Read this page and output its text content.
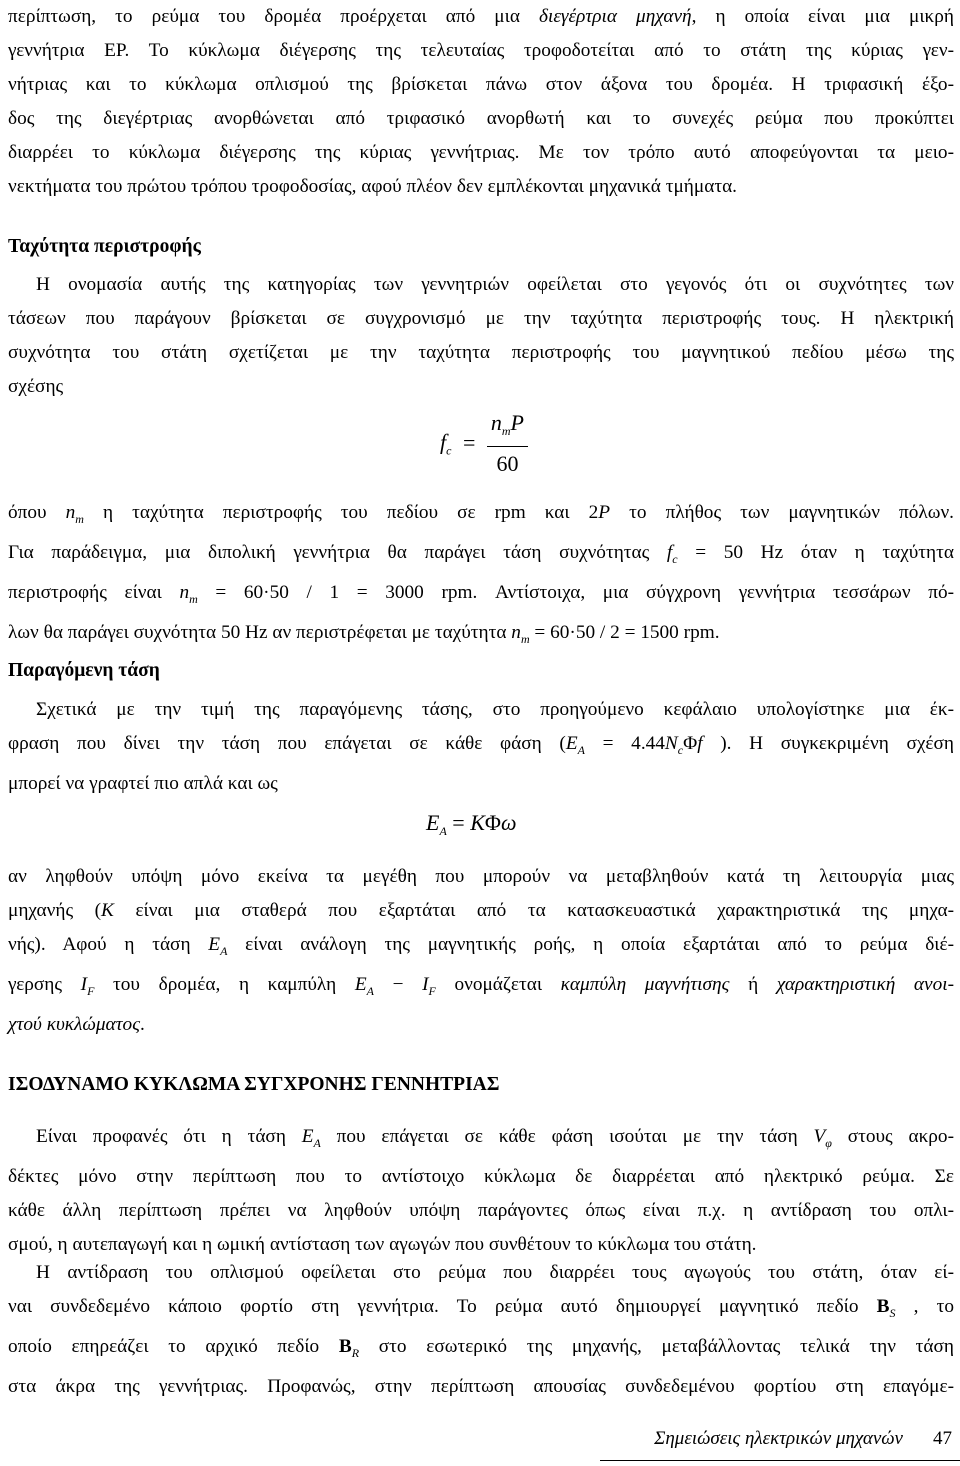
περίπτωση, το ρεύμα του δρομέα προέρχεται από μια διεγέρτρια μηχανή, η οποία είναι μια μικρή
γεννήτρια ΕΡ. Το κύκλωμα διέγερσης της τελευταίας τροφοδοτείται από το στάτη της κύριας γεν-
νήτριας και το κύκλωμα οπλισμού της βρίσκεται πάνω στον άξονα του δρομέα. Η τριφασική έξο-
δος της διεγέρτριας ανορθώνεται από τριφασικό ανορθωτή και το συνεχές ρεύμα που προκύπτει
διαρρέει το κύκλωμα διέγερσης της κύριας γεννήτριας. Με τον τρόπο αυτό αποφεύγονται τα μειο-
νεκτήματα του πρώτου τρόπου τροφοδοσίας, αφού πλέον δεν εμπλέκονται μηχανικά τμήματα.
Ταχύτητα περιστροφής
Η ονομασία αυτής της κατηγορίας των γεννητριών οφείλεται στο γεγονός ότι οι συχνότητες των
τάσεων που παράγουν βρίσκεται σε συγχρονισμό με την ταχύτητα περιστροφής τους. Η ηλεκτρική
συχνότητα του στάτη σχετίζεται με την ταχύτητα περιστροφής του μαγνητικού πεδίου μέσω της
σχέσης
$f_c = \frac{n_mP}{60}$
όπου $n_m$ η ταχύτητα περιστροφής του πεδίου σε rpm και 2P το πλήθος των μαγνητικών πόλων.
Για παράδειγμα, μια διπολική γεννήτρια θα παράγει τάση συχνότητας $f_c = 50$ Hz όταν η ταχύτητα
περιστροφής είναι $n_m = 60\cdot 50 / 1 = 3000$ rpm. Αντίστοιχα, μια σύγχρονη γεννήτρια τεσσάρων πό-
λων θα παράγει συχνότητα 50 Hz αν περιστρέφεται με ταχύτητα $n_m = 60\cdot 50 / 2 = 1500$ rpm.
Παραγόμενη τάση
Σχετικά με την τιμή της παραγόμενης τάσης, στο προηγούμενο κεφάλαιο υπολογίστηκε μια έκ-
φραση που δίνει την τάση που επάγεται σε κάθε φάση ($E_A = 4.44N_c\Phi f$ ). Η συγκεκριμένη σχέση
μπορεί να γραφτεί πιο απλά και ως
$E_A = K\Phi\omega$
αν ληφθούν υπόψη μόνο εκείνα τα μεγέθη που μπορούν να μεταβληθούν κατά τη λειτουργία μιας
μηχανής (K είναι μια σταθερά που εξαρτάται από τα κατασκευαστικά χαρακτηριστικά της μηχα-
νής). Αφού η τάση $E_A$ είναι ανάλογη της μαγνητικής ροής, η οποία εξαρτάται από το ρεύμα διέ-
γερσης $I_F$ του δρομέα, η καμπύλη $E_A - I_F$ ονομάζεται καμπύλη μαγνήτισης ή χαρακτηριστική ανοι-
χτού κυκλώματος.
ΙΣΟΔΥΝΑΜΟ ΚΥΚΛΩΜΑ ΣΥΓΧΡΟΝΗΣ ΓΕΝΝΗΤΡΙΑΣ
Είναι προφανές ότι η τάση $E_A$ που επάγεται σε κάθε φάση ισούται με την τάση $V_\varphi$ στους ακρο-
δέκτες μόνο στην περίπτωση που το αντίστοιχο κύκλωμα δε διαρρέεται από ηλεκτρικό ρεύμα. Σε
κάθε άλλη περίπτωση πρέπει να ληφθούν υπόψη παράγοντες όπως είναι π.χ. η αντίδραση του οπλι-
σμού, η αυτεπαγωγή και η ωμική αντίσταση των αγωγών που συνθέτουν το κύκλωμα του στάτη.
Η αντίδραση του οπλισμού οφείλεται στο ρεύμα που διαρρέει τους αγωγούς του στάτη, όταν εί-
ναι συνδεδεμένο κάποιο φορτίο στη γεννήτρια. Το ρεύμα αυτό δημιουργεί μαγνητικό πεδίο $B_S$ , το
οποίο επηρεάζει το αρχικό πεδίο $B_R$ στο εσωτερικό της μηχανής, μεταβάλλοντας τελικά την τάση
στα άκρα της γεννήτριας. Προφανώς, στην περίπτωση απουσίας συνδεδεμένου φορτίου στη επαγόμε-
Σημειώσεις ηλεκτρικών μηχανών 47
